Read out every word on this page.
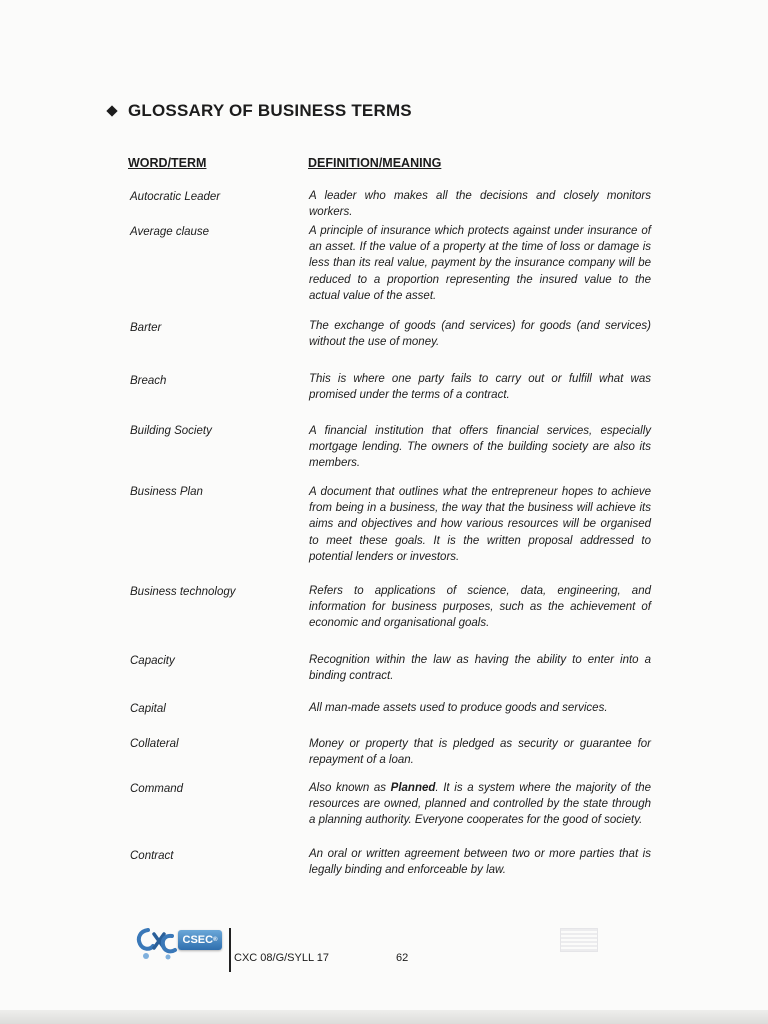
GLOSSARY OF BUSINESS TERMS
WORD/TERM	DEFINITION/MEANING
Autocratic Leader	A leader who makes all the decisions and closely monitors workers.

Average clause	A principle of insurance which protects against under insurance of an asset. If the value of a property at the time of loss or damage is less than its real value, payment by the insurance company will be reduced to a proportion representing the insured value to the actual value of the asset.

Barter	The exchange of goods (and services) for goods (and services) without the use of money.

Breach	This is where one party fails to carry out or fulfill what was promised under the terms of a contract.

Building Society	A financial institution that offers financial services, especially mortgage lending. The owners of the building society are also its members.

Business Plan	A document that outlines what the entrepreneur hopes to achieve from being in a business, the way that the business will achieve its aims and objectives and how various resources will be organised to meet these goals. It is the written proposal addressed to potential lenders or investors.

Business technology	Refers to applications of science, data, engineering, and information for business purposes, such as the achievement of economic and organisational goals.

Capacity	Recognition within the law as having the ability to enter into a binding contract.

Capital	All man-made assets used to produce goods and services.

Collateral	Money or property that is pledged as security or guarantee for repayment of a loan.

Command	Also known as Planned. It is a system where the majority of the resources are owned, planned and controlled by the state through a planning authority. Everyone cooperates for the good of society.

Contract	An oral or written agreement between two or more parties that is legally binding and enforceable by law.

CXC
CSEC ®
CXC 08/G/SYLL 17	62
